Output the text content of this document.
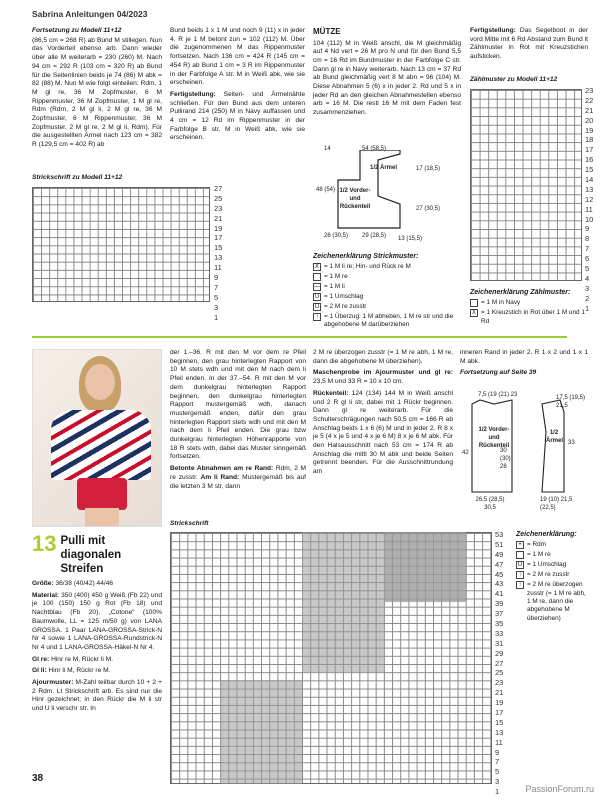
Sabrina Anleitungen 04/2023
Fortsetzung zu Modell 11+12

(86,5 cm = 268 R) ab Bund M stillegen. Nun das Vorderteil ebenso arb. Dann wieder über alle M weiterarb = 230 (260) M. Nach 94 cm = 292 R (103 cm = 320 R) ab Bund für die Seitenlinien beids je 74 (86) M abk = 82 (88) M. Nun M wie folgt einteilen: Rdm, 1 M gl re, 36 M Zopfmuster, 6 M Rippenmuster, 36 M Zopfmuster, 1 M gl re, Rdm (Rdm, 2 M gl li, 2 M gl re, 36 M Zopfmuster, 6 M Rippenmuster, 36 M Zopfmuster, 2 M gl re, 2 M gl li, Rdm). Für die ausgestellten Ärmel nach 123 cm = 382 R (129,5 cm = 402 R) ab

Strickschrift zu Modell 11+12
27
25
23
21
19
17
15
13
11
9
7
5
3
1

Bund beids 1 x 1 M und noch 9 (11) x in jeder 4. R je 1 M betont zun = 102 (112) M. Über die zugenommenen M das Rippenmuster fortsetzen. Nach 136 cm = 424 R (145 cm = 454 R) ab Bund 1 cm = 3 R im Rippenmuster in der Farbfolge A str. M in Weiß abk, wie sie erscheinen.

Fertigstellung: Seiten- und Ärmelnähte schließen. Für den Bund aus dem unteren Pullirand 214 (250) M in Navy auffassen und 4 cm = 12 Rd im Rippenmuster in der Farbfolge B str. M in Weiß abk, wie sie erscheinen.

MÜTZE

104 (112) M in Weiß anschl, die M gleichmäßig auf 4 Nd vert = 26 M pro N und für den Bund 5,5 cm = 16 Rd im Bundmuster in der Farbfolge C str. Dann gl re in Navy weiterarb. Nach 13 cm = 37 Rd ab Bund gleichmäßig vert 8 M abn = 96 (104) M. Diese Abnahmen 5 (6) x in jeder 2. Rd und 5 x in jeder Rd an den gleichen Abnahmestellen ebenso arb = 16 M. Die restl 16 M mit dem Faden fest zusammenziehen.

1/2 Ärmel
1/2 Vorder- und Rückenteil
14	54 (58,5)
17 (18,5)
48 (54)
27 (30,5)
26 (30,5) 29 (28,5) 13 (15,5)
Zeichenerklärung Strickmuster:
X = 1 M li re; Hin- und Rück re M
= 1 M re
— = 1 M li
U = 1 Umschlag
U = 2 M re zusstr
↑ = 1 Überzug: 1 M abheben, 1 M re str und die abgehobene M darüberziehen

Fertigstellung: Das Segelboot in der vord Mitte mit 6 Rd Abstand zum Bund lt Zählmuster in Rot mit Kreuzstichen aufsticken.

Zählmuster zu Modell 11+12
23
22
21
20
19
18
17
16
15
14
13
12
11
10
9
8
7
6
5
4
3
2
1
Zeichenerklärung Zählmuster:
= 1 M in Navy
X = 1 Kreuzstich in Rot über 1 M und 1 Rd

der 1.–36. R mit den M vor dem re Pfeil beginnen, den grau hinterlegten Rapport von 10 M stets wdh und mit den M nach dem li Pfeil enden. In der 37.–54. R mit den M vor dem dunkelgrau hinterlegten Rapport beginnen, den dunkelgrau hinterlegten Rapport mustergemäß wdh, danach mustergemäß enden, dafür den grau hinterlegten Rapport stets wdh und mit den M nach dem li Pfeil enden. Die grau bzw dunkelgrau hinterlegten Höhenrapporte von 18 R stets wdh, dabei das Muster sinngemäß fortsetzen.

Betonte Abnahmen am re Rand: Rdm, 2 M re zusstr. Am li Rand: Mustergemäß bis auf die letzten 3 M str, dann

2 M re überzogen zusstr (= 1 M re abh, 1 M re, dann die abgehobene M überziehen).

Maschenprobe im Ajourmuster und gl re: 23,5 M und 33 R = 10 x 10 cm.

Rückenteil: 124 (134) 144 M in Weiß anschl und 2 R gl li str, dabei mit 1 Rückr beginnen. Dann gl re weiterarb. Für die Schulterschrägungen nach 50,5 cm = 166 R ab Anschlag beids 1 x 6 (6) M und in jeder 2. R 8 x je 5 (4 x je 5 und 4 x je 6 M) 8 x je 6 M abk. Für den Halsausschnitt nach 53 cm = 174 R ab Anschlag die mittl 30 M abk und beide Seiten getrennt beenden. Für die Ausschnittrundung am

inneren Rand in jeder 2. R 1 x 2 und 1 x 1 M abk.

Fortsetzung auf Seite 39
1/2 Vorder- und Rückenteil
1/2 Ärmel
7,5 (19 (21) 23	17,5 (19,5) 21,5
42	30 (30) 28
26,5 (28,5) 30,5
19 (10) 21,5 (22,5)
33
13 Pulli mit diagonalen Streifen

Größe: 36/38 (40/42) 44/46

Material: 350 (400) 450 g Weiß (Fb 22) und je 100 (150) 150 g Rot (Fb 18) und Nachtblau (Fb 20), „Cotone“ (100% Baumwolle, LL = 125 m/50 g) von LANA GROSSA. 1 Paar LANA-GROSSA-Strick-N Nr 4 sowie 1 LANA-GROSSA-Rundstrick-N Nr 4 und 1 LANA-GROSSA-Häkel-N Nr 4.

Gl re: Hinr re M, Rückr li M.

Gl li: Hinr li M, Rückr re M.

Ajourmuster: M-Zahl teilbar durch 10 + 2 + 2 Rdm. Lt Strickschrift arb. Es sind nur die Hinr gezeichnet; in den Rückr die M li str und U li verschr str. In

Strickschrift
53
51
49
47
45
43
41
39
37
35
33
31
29
27
25
23
21
19
17
15
13
11
9
7
5
3
1
Zeichenerklärung:
+ = Rdm
= 1 M re
U = 1 Umschlag
↑ = 2 M re zusstr
↑ = 2 M re überzogen zusstr (= 1 M re abh, 1 M re, dann die abgehobene M überziehen)
38
PassionForum.ru
